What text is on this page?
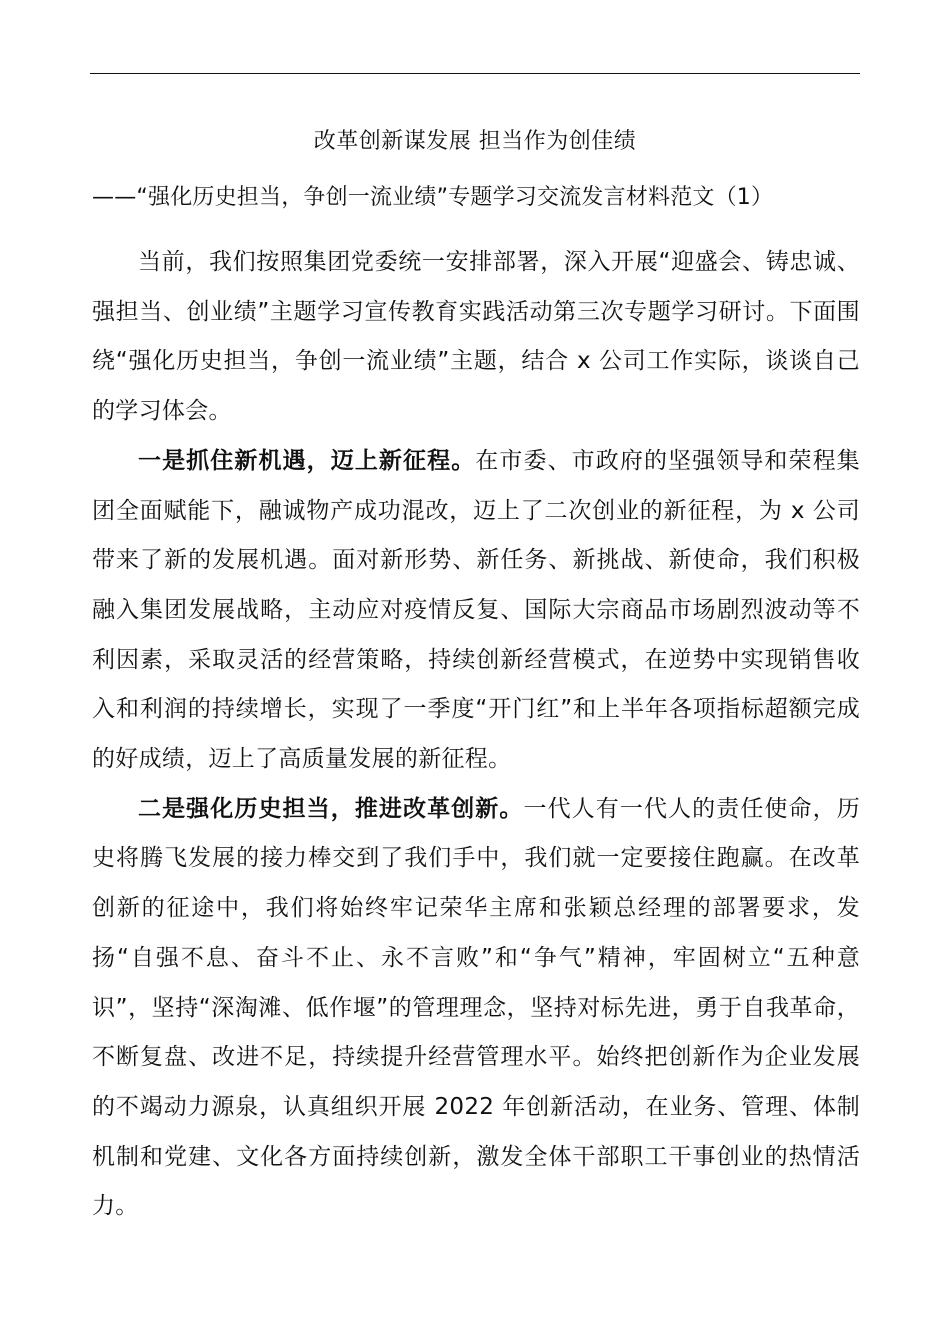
改革创新谋发展 担当作为创佳绩
——“强化历史担当，争创一流业绩”专题学习交流发言材料范文（1）

当前，我们按照集团党委统一安排部署，深入开展“迎盛会、铸忠诚、强担当、创业绩”主题学习宣传教育实践活动第三次专题学习研讨。下面围绕“强化历史担当，争创一流业绩”主题，结合 x 公司工作实际，谈谈自己的学习体会。

一是抓住新机遇，迈上新征程。在市委、市政府的坚强领导和荣程集团全面赋能下，融诚物产成功混改，迈上了二次创业的新征程，为 x 公司带来了新的发展机遇。面对新形势、新任务、新挑战、新使命，我们积极融入集团发展战略，主动应对疫情反复、国际大宗商品市场剧烈波动等不利因素，采取灵活的经营策略，持续创新经营模式，在逆势中实现销售收入和利润的持续增长，实现了一季度“开门红”和上半年各项指标超额完成的好成绩，迈上了高质量发展的新征程。

二是强化历史担当，推进改革创新。一代人有一代人的责任使命，历史将腾飞发展的接力棒交到了我们手中，我们就一定要接住跑赢。在改革创新的征途中，我们将始终牢记荣华主席和张颖总经理的部署要求，发扬“自强不息、奋斗不止、永不言败”和“争气”精神，牢固树立“五种意识”，坚持“深淘滩、低作堰”的管理理念，坚持对标先进，勇于自我革命，不断复盘、改进不足，持续提升经营管理水平。始终把创新作为企业发展的不竭动力源泉，认真组织开展 2022 年创新活动，在业务、管理、体制机制和党建、文化各方面持续创新，激发全体干部职工干事创业的热情活力。
